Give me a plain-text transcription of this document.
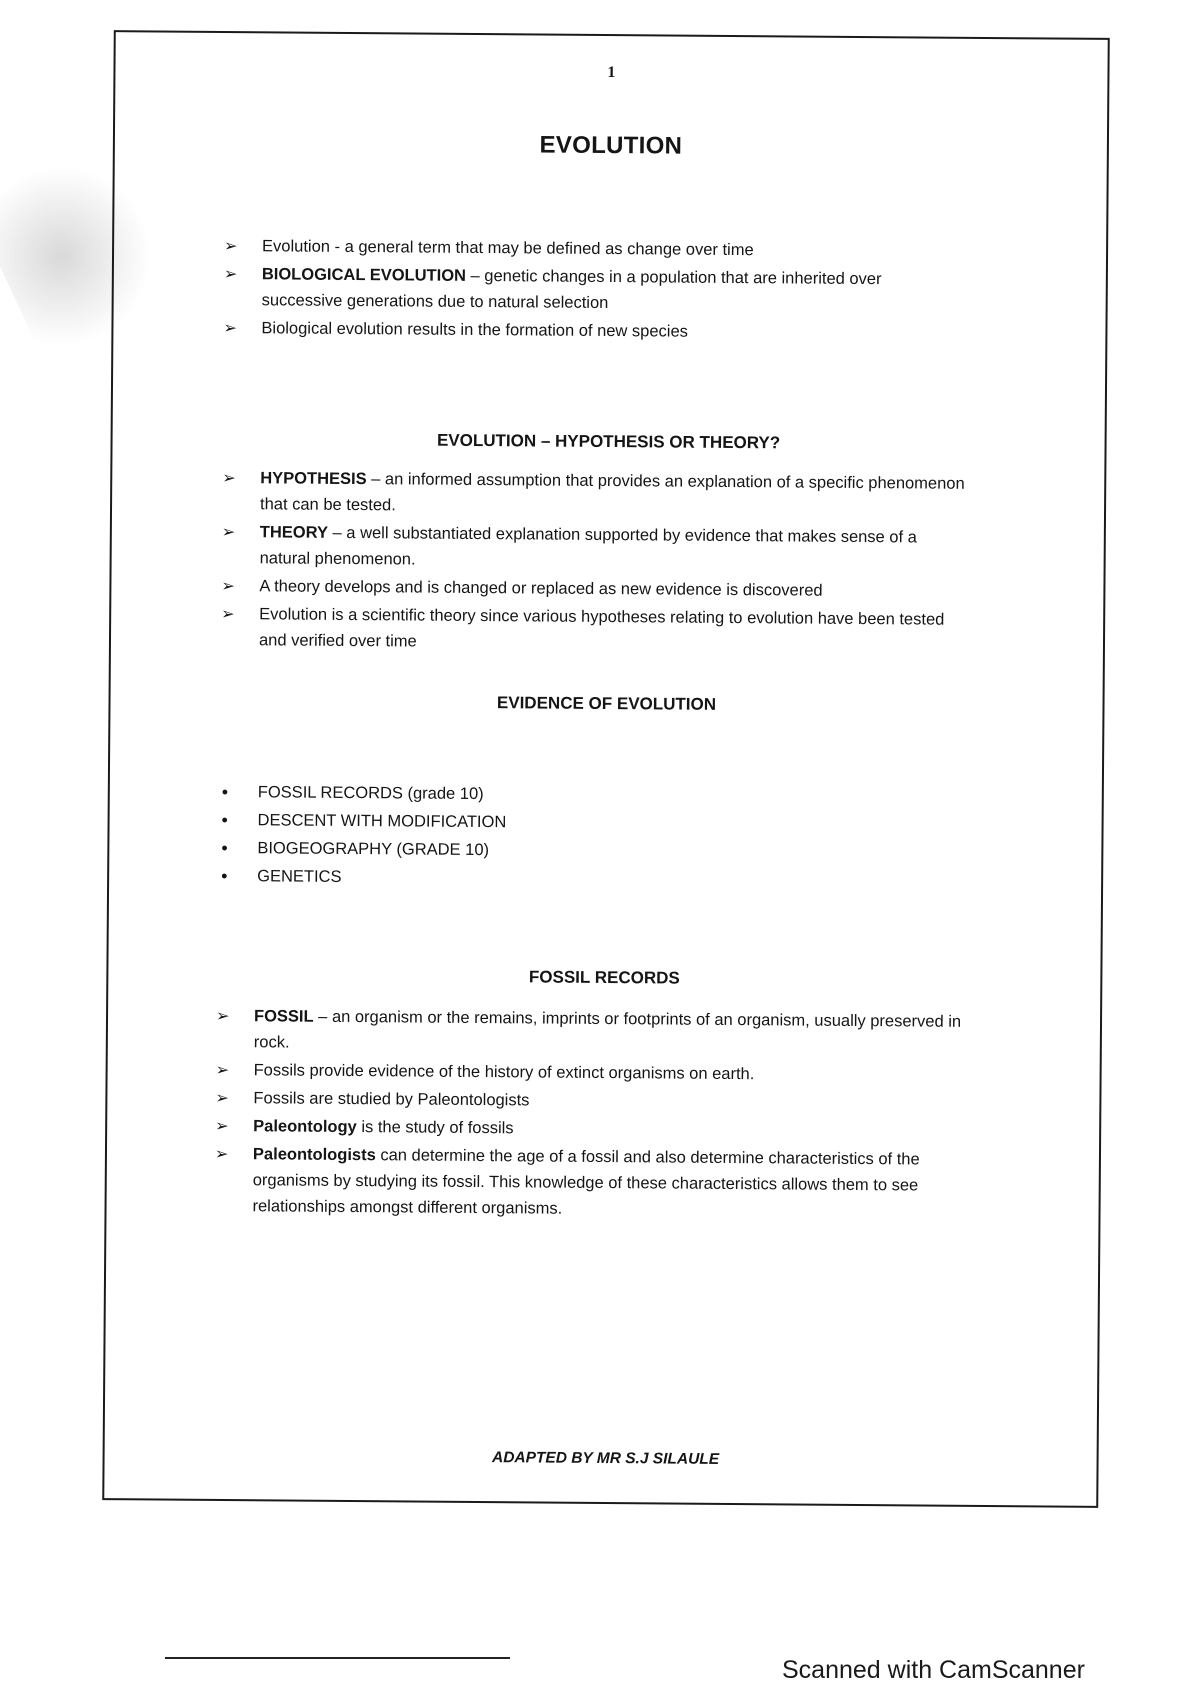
1
EVOLUTION
➢ Evolution - a general term that may be defined as change over time
➢ BIOLOGICAL EVOLUTION – genetic changes in a population that are inherited over successive generations due to natural selection
➢ Biological evolution results in the formation of new species
EVOLUTION – HYPOTHESIS OR THEORY?
➢ HYPOTHESIS – an informed assumption that provides an explanation of a specific phenomenon that can be tested.
➢ THEORY – a well substantiated explanation supported by evidence that makes sense of a natural phenomenon.
➢ A theory develops and is changed or replaced as new evidence is discovered
➢ Evolution is a scientific theory since various hypotheses relating to evolution have been tested and verified over time
EVIDENCE OF EVOLUTION
• FOSSIL RECORDS (grade 10)
• DESCENT WITH MODIFICATION
• BIOGEOGRAPHY (GRADE 10)
• GENETICS
FOSSIL RECORDS
➢ FOSSIL – an organism or the remains, imprints or footprints of an organism, usually preserved in rock.
➢ Fossils provide evidence of the history of extinct organisms on earth.
➢ Fossils are studied by Paleontologists
➢ Paleontology is the study of fossils
➢ Paleontologists can determine the age of a fossil and also determine characteristics of the organisms by studying its fossil. This knowledge of these characteristics allows them to see relationships amongst different organisms.
ADAPTED BY MR S.J SILAULE
Scanned with CamScanner
